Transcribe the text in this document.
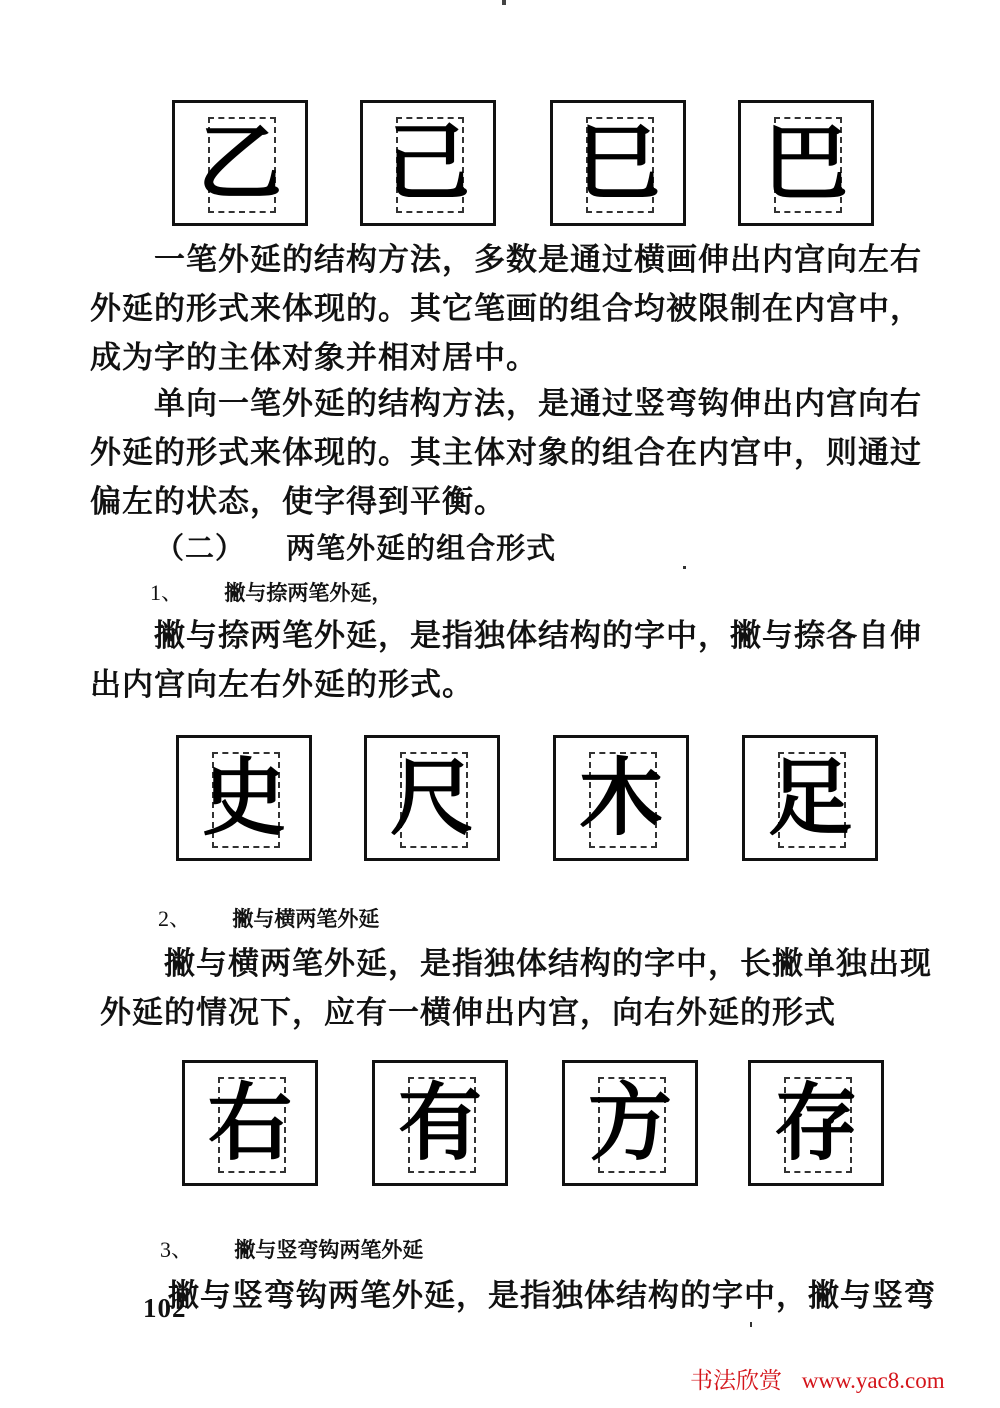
乙 己 巳 巴
一笔外延的结构方法，多数是通过横画伸出内宫向左右外延的形式来体现的。其它笔画的组合均被限制在内宫中，成为字的主体对象并相对居中。
单向一笔外延的结构方法，是通过竖弯钩伸出内宫向右外延的形式来体现的。其主体对象的组合在内宫中，则通过偏左的状态，使字得到平衡。
（二） 两笔外延的组合形式
1、 撇与捺两笔外延，
撇与捺两笔外延，是指独体结构的字中，撇与捺各自伸出内宫向左右外延的形式。
史 尺 木 足
2、 撇与横两笔外延
撇与横两笔外延，是指独体结构的字中，长撇单独出现外延的情况下，应有一横伸出内宫，向右外延的形式
右 有 方 存
3、 撇与竖弯钩两笔外延
撇与竖弯钩两笔外延，是指独体结构的字中，撇与竖弯
102
书法欣赏 www.yac8.com
